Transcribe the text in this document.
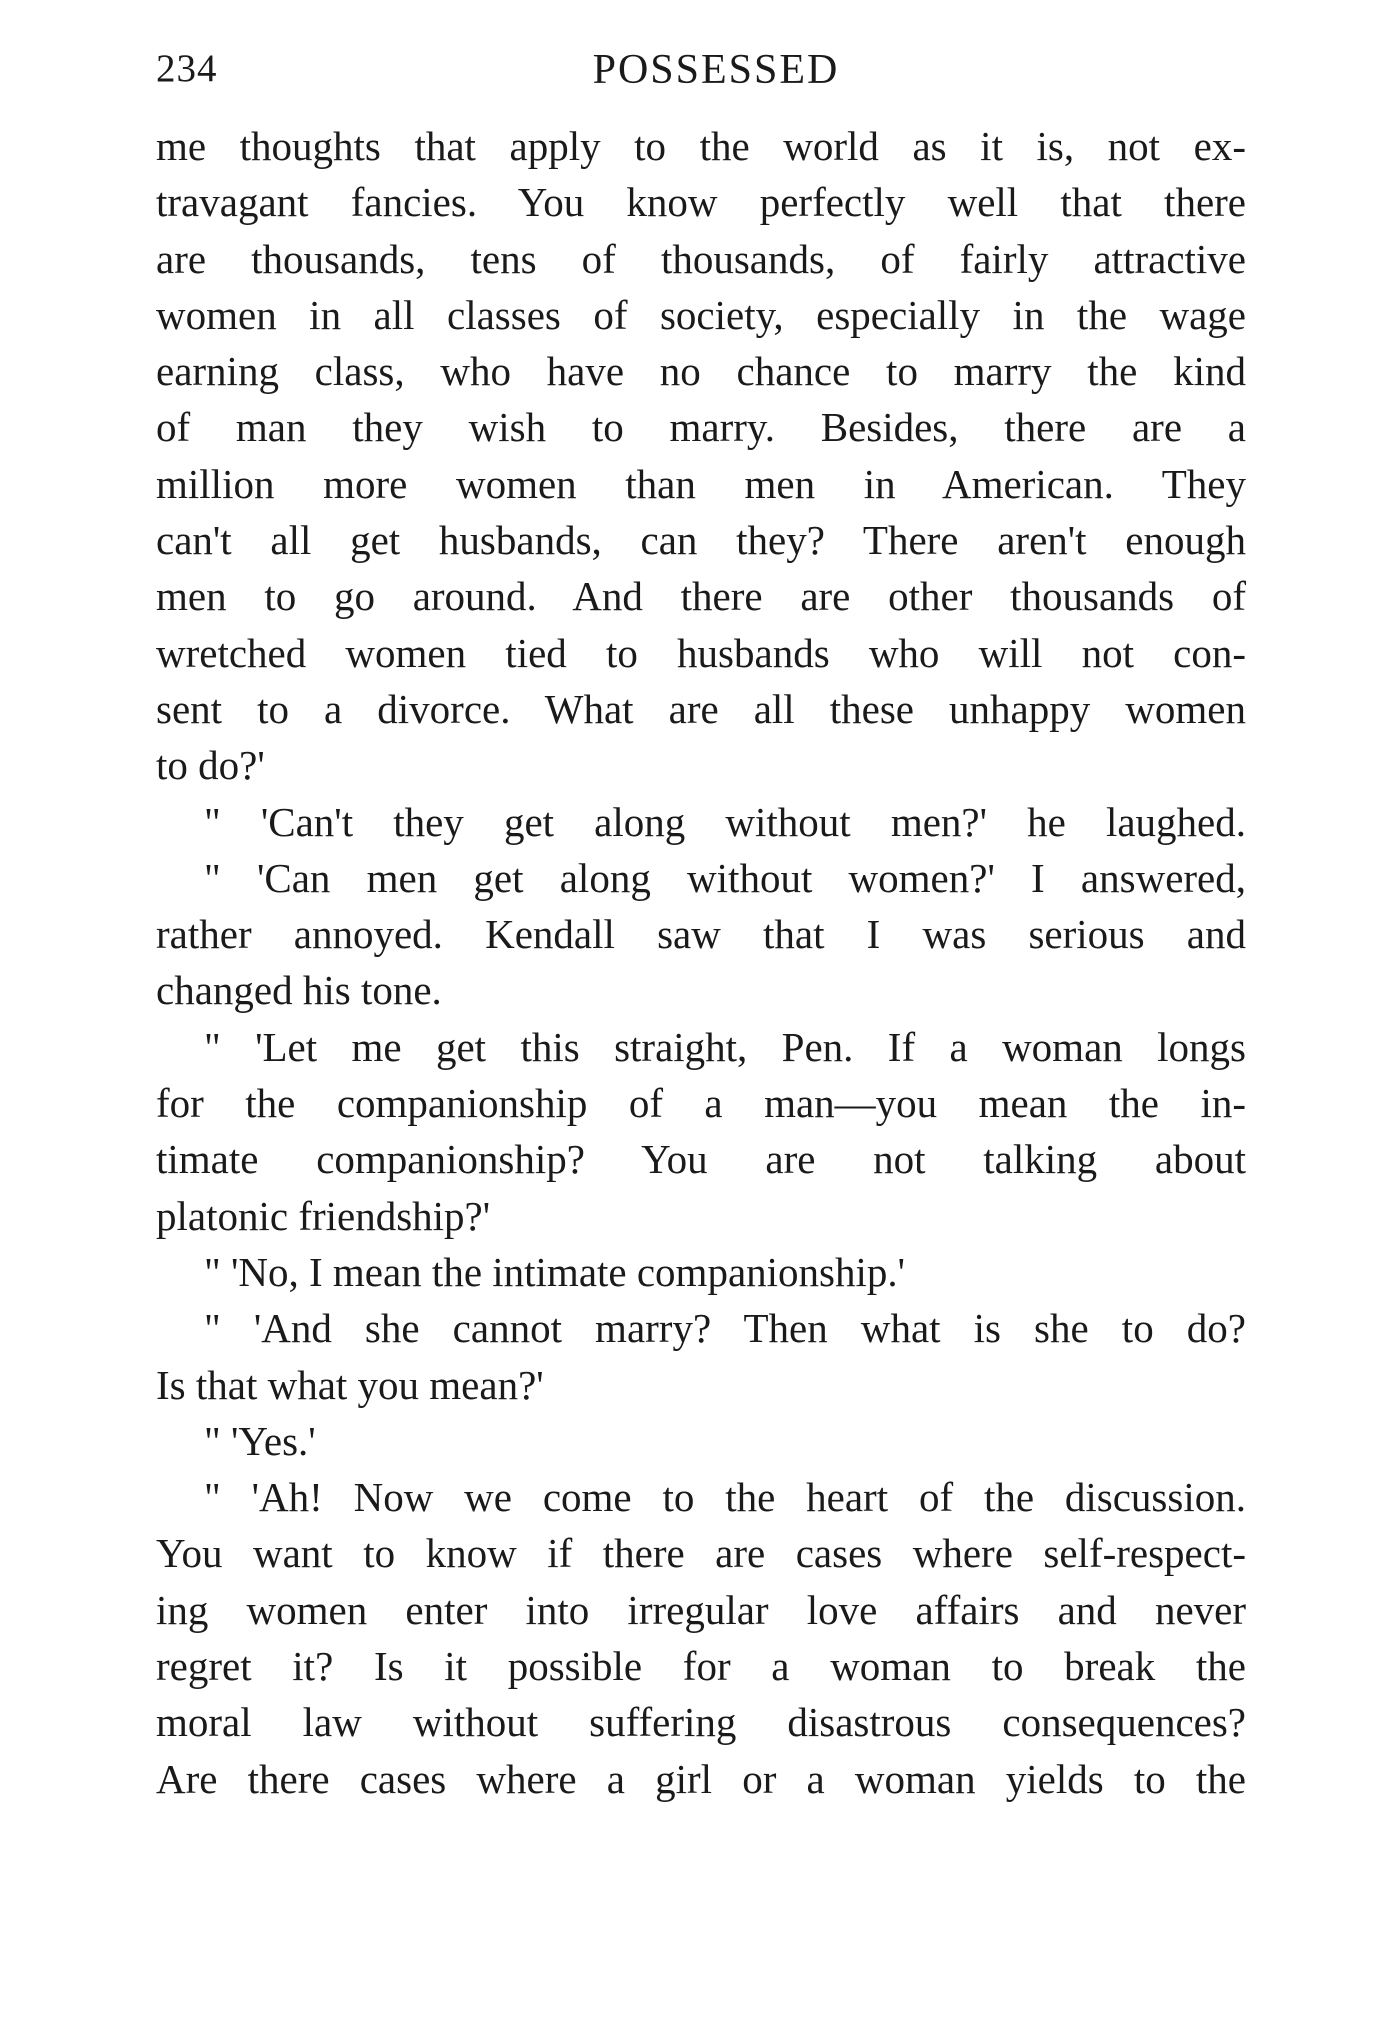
234	POSSESSED
me thoughts that apply to the world as it is, not ex-
travagant fancies. You know perfectly well that there
are thousands, tens of thousands, of fairly attractive
women in all classes of society, especially in the wage
earning class, who have no chance to marry the kind
of man they wish to marry. Besides, there are a
million more women than men in American. They
can't all get husbands, can they? There aren't enough
men to go around. And there are other thousands of
wretched women tied to husbands who will not con-
sent to a divorce. What are all these unhappy women
to do?'
" 'Can't they get along without men?' he laughed.
" 'Can men get along without women?' I answered,
rather annoyed. Kendall saw that I was serious and
changed his tone.
" 'Let me get this straight, Pen. If a woman longs
for the companionship of a man—you mean the in-
timate companionship? You are not talking about
platonic friendship?'
" 'No, I mean the intimate companionship.'
" 'And she cannot marry? Then what is she to do?
Is that what you mean?'
" 'Yes.'
" 'Ah! Now we come to the heart of the discussion.
You want to know if there are cases where self-respect-
ing women enter into irregular love affairs and never
regret it? Is it possible for a woman to break the
moral law without suffering disastrous consequences?
Are there cases where a girl or a woman yields to the
